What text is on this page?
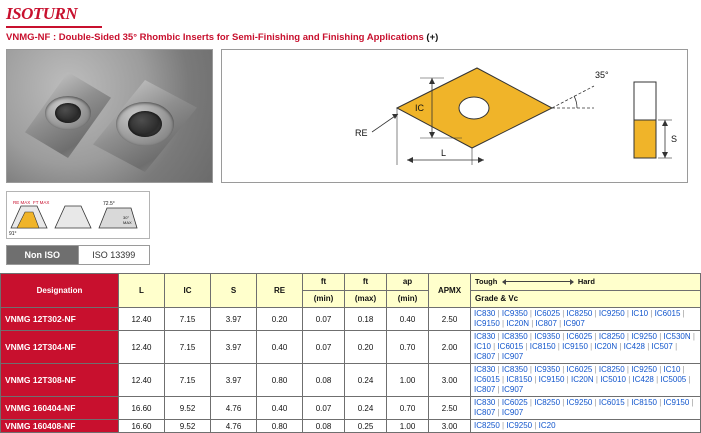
ISOTURN
VNMG-NF : Double-Sided 35° Rhombic Inserts for Semi-Finishing and Finishing Applications (+)
35°
IC
L
RE
S
RE MAX FT MAX	72.5°
91°
30°
MAX
Non ISO	ISO 13399
Designation	L	IC	S	RE	ft	ft	ap	APMX	Tough Hard
					(min)	(max)	(min)		Grade & Vc
VNMG 12T302-NF	12.40	7.15	3.97	0.20	0.07	0.18	0.40	2.50	IC830 | IC9350 | IC6025 | IC8250 | IC9250 | IC10 | IC6015 | IC9150 | IC20N | IC807 | IC907
VNMG 12T304-NF	12.40	7.15	3.97	0.40	0.07	0.20	0.70	2.00	IC830 | IC8350 | IC9350 | IC6025 | IC8250 | IC9250 | IC530N | IC10 | IC6015 | IC8150 | IC9150 | IC20N | IC428 | IC507 | IC807 | IC907
VNMG 12T308-NF	12.40	7.15	3.97	0.80	0.08	0.24	1.00	3.00	IC830 | IC8350 | IC9350 | IC6025 | IC8250 | IC9250 | IC10 | IC6015 | IC8150 | IC9150 | IC20N | IC5010 | IC428 | IC5005 | IC807 | IC907
VNMG 160404-NF	16.60	9.52	4.76	0.40	0.07	0.24	0.70	2.50	IC830 | IC6025 | IC8250 | IC9250 | IC6015 | IC8150 | IC9150 | IC807 | IC907
VNMG 160408-NF	16.60	9.52	4.76	0.80	0.08	0.25	1.00	3.00	IC8250 | IC9250 | IC20
